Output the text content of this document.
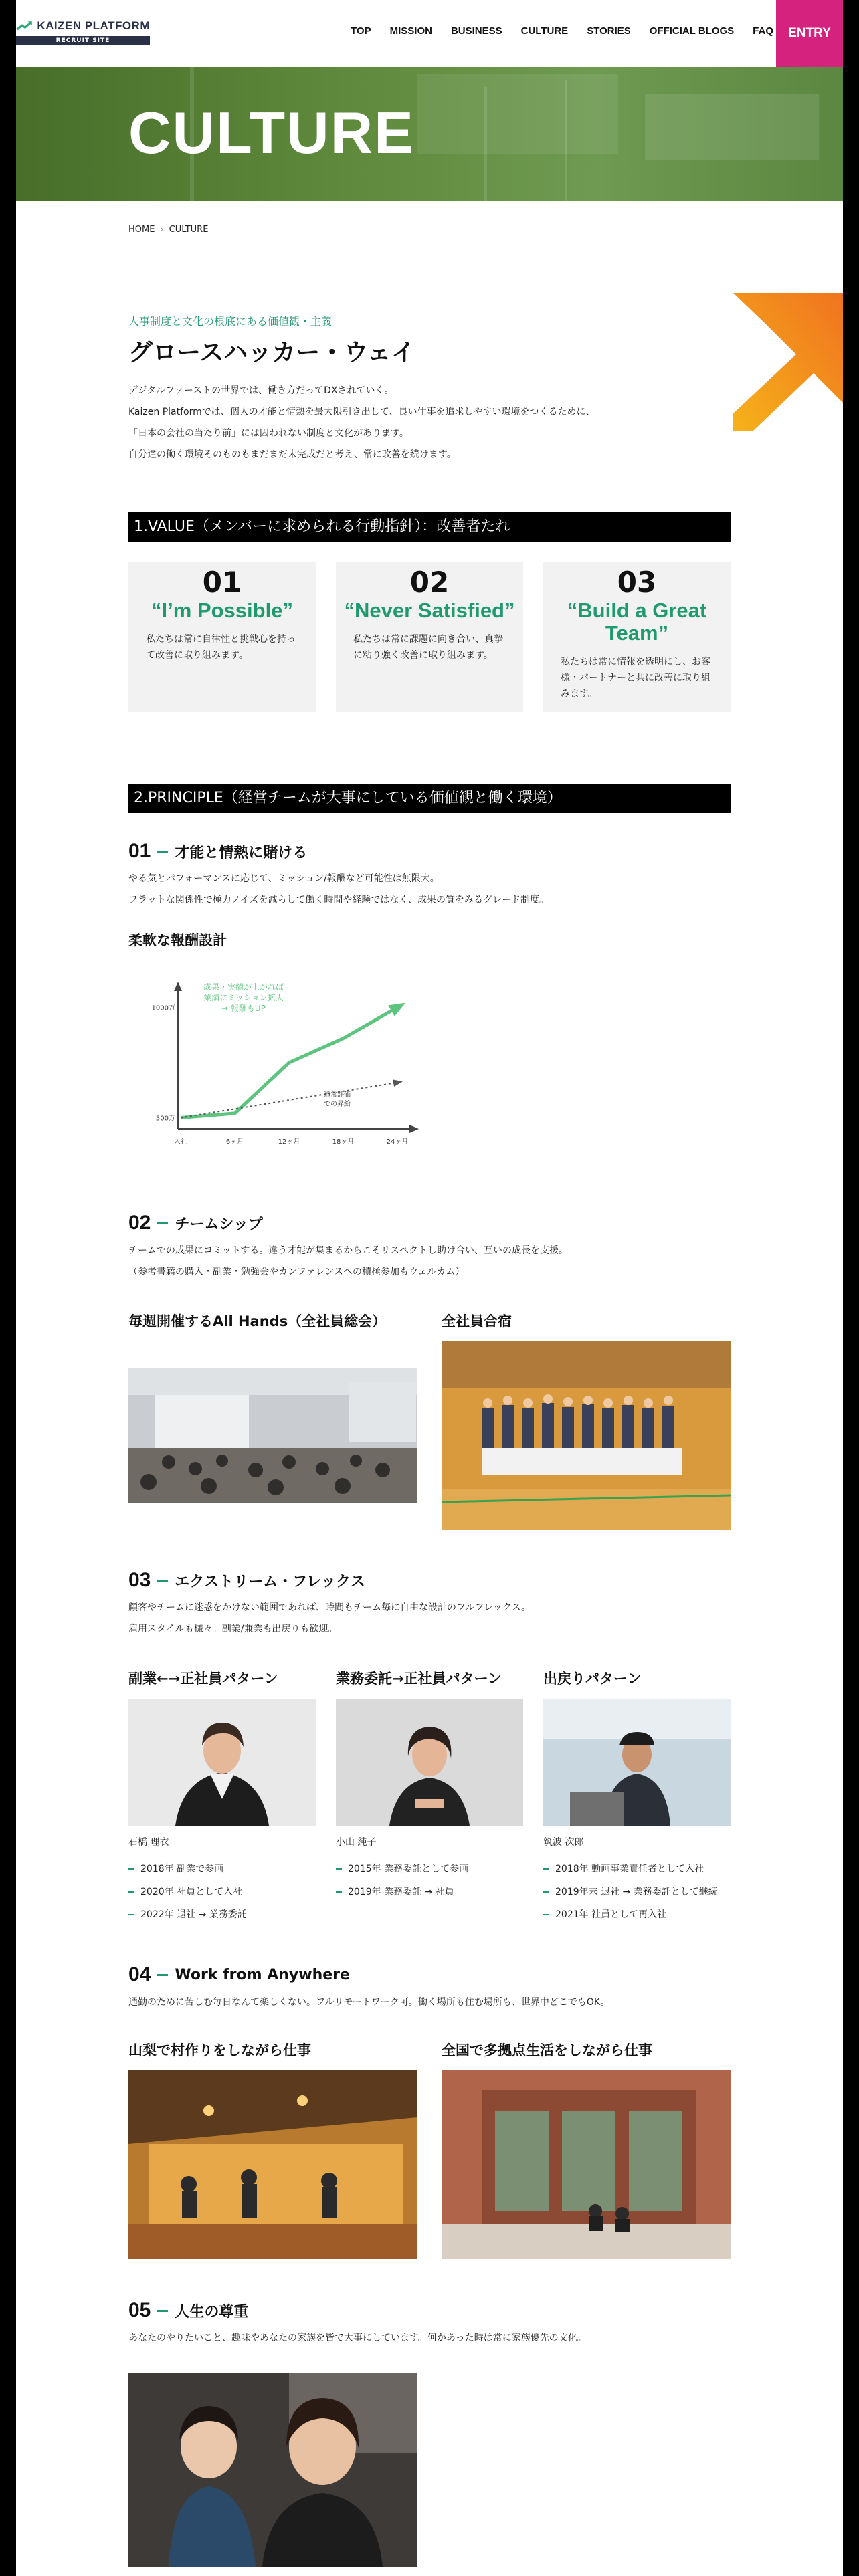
KAIZEN PLATFORM
RECRUIT SITE
TOP MISSION BUSINESS CULTURE STORIES OFFICIAL BLOGS FAQ	ENTRY
CULTURE
HOME › CULTURE
人事制度と文化の根底にある価値観・主義
グロースハッカー・ウェイ
デジタルファーストの世界では、働き方だってDXされていく。
Kaizen Platformでは、個人の才能と情熱を最大限引き出して、良い仕事を追求しやすい環境をつくるために、
「日本の会社の当たり前」には囚われない制度と文化があります。
自分達の働く環境そのものもまだまだ未完成だと考え、常に改善を続けます。
1.VALUE（メンバーに求められる行動指針）：改善者たれ
01
“I’m Possible”
私たちは常に自律性と挑戦心を持って改善に取り組みます。
02
“Never Satisfied”
私たちは常に課題に向き合い、真摯に粘り強く改善に取り組みます。
03
“Build a Great Team”
私たちは常に情報を透明にし、お客様・パートナーと共に改善に取り組みます。
2.PRINCIPLE（経営チームが大事にしている価値観と働く環境）
01 才能と情熱に賭ける
やる気とパフォーマンスに応じて、ミッション/報酬など可能性は無限大。
フラットな関係性で極力ノイズを減らして働く時間や経験ではなく、成果の質をみるグレード制度。
柔軟な報酬設計
入社	6ヶ月	12ヶ月	18ヶ月	24ヶ月
1000万
500万
成果・実績が上がれば
業績にミッション拡大
→ 報酬もUP
通常評価
での昇給
02 チームシップ
チームでの成果にコミットする。違う才能が集まるからこそリスペクトし助け合い、互いの成長を支援。
（参考書籍の購入・副業・勉強会やカンファレンスへの積極参加もウェルカム）
毎週開催するAll Hands（全社員総会）	全社員合宿
03 エクストリーム・フレックス
顧客やチームに迷惑をかけない範囲であれば、時間もチーム毎に自由な設計のフルフレックス。
雇用スタイルも様々。副業/兼業も出戻りも歓迎。
副業←→正社員パターン
石橋 理衣
2018年 副業で参画
2020年 社員として入社
2022年 退社 → 業務委託
業務委託→正社員パターン
小山 純子
2015年 業務委託として参画
2019年 業務委託 → 社員
出戻りパターン
筑波 次郎
2018年 動画事業責任者として入社
2019年末 退社 → 業務委託として継続
2021年 社員として再入社
04 Work from Anywhere
通勤のために苦しむ毎日なんて楽しくない。フルリモートワーク可。働く場所も住む場所も、世界中どこでもOK。
山梨で村作りをしながら仕事	全国で多拠点生活をしながら仕事
05 人生の尊重
あなたのやりたいこと、趣味やあなたの家族を皆で大事にしています。何かあった時は常に家族優先の文化。
